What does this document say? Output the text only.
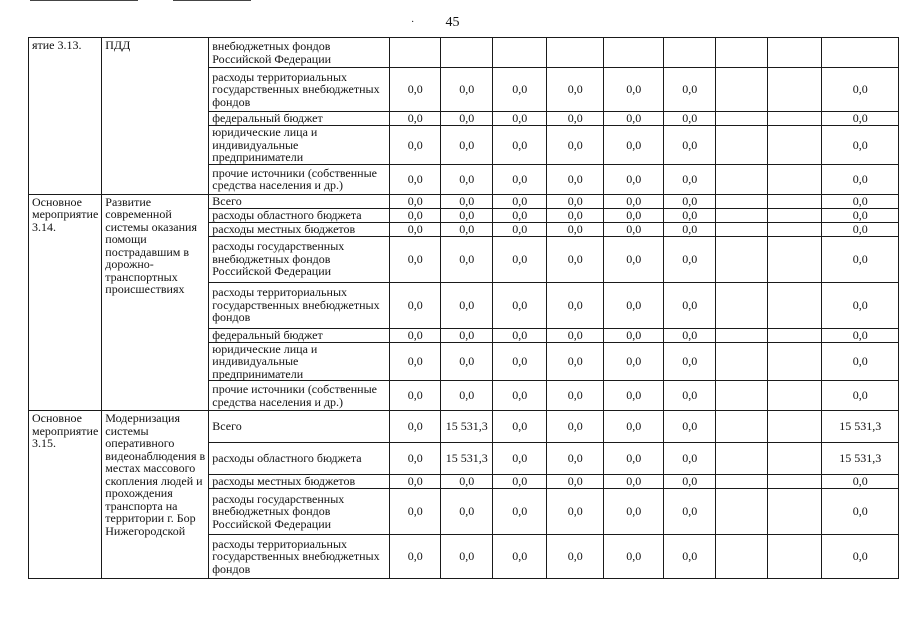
45
·
ятие 3.13.	ПДД	внебюджетных фондов Российской Федерации									
		расходы территориальных государственных внебюджетных фондов	0,0	0,0	0,0	0,0	0,0	0,0			0,0
		федеральный бюджет	0,0	0,0	0,0	0,0	0,0	0,0			0,0
		юридические лица и индивидуальные предприниматели	0,0	0,0	0,0	0,0	0,0	0,0			0,0
		прочие источники (собственные средства населения и др.)	0,0	0,0	0,0	0,0	0,0	0,0			0,0
Основное мероприятие 3.14.	Развитие современной системы оказания помощи пострадавшим в дорожно-транспортных происшествиях	Всего	0,0	0,0	0,0	0,0	0,0	0,0			0,0
		расходы областного бюджета	0,0	0,0	0,0	0,0	0,0	0,0			0,0
		расходы местных бюджетов	0,0	0,0	0,0	0,0	0,0	0,0			0,0
		расходы государственных внебюджетных фондов Российской Федерации	0,0	0,0	0,0	0,0	0,0	0,0			0,0
		расходы территориальных государственных внебюджетных фондов	0,0	0,0	0,0	0,0	0,0	0,0			0,0
		федеральный бюджет	0,0	0,0	0,0	0,0	0,0	0,0			0,0
		юридические лица и индивидуальные предприниматели	0,0	0,0	0,0	0,0	0,0	0,0			0,0
		прочие источники (собственные средства населения и др.)	0,0	0,0	0,0	0,0	0,0	0,0			0,0
Основное мероприятие 3.15.	Модернизация системы оперативного видеонаблюдения в местах массового скопления людей и прохождения транспорта на территории г. Бор Нижегородской	Всего	0,0	15 531,3	0,0	0,0	0,0	0,0			15 531,3
		расходы областного бюджета	0,0	15 531,3	0,0	0,0	0,0	0,0			15 531,3
		расходы местных бюджетов	0,0	0,0	0,0	0,0	0,0	0,0			0,0
		расходы государственных внебюджетных фондов Российской Федерации	0,0	0,0	0,0	0,0	0,0	0,0			0,0
		расходы территориальных государственных внебюджетных фондов	0,0	0,0	0,0	0,0	0,0	0,0			0,0
